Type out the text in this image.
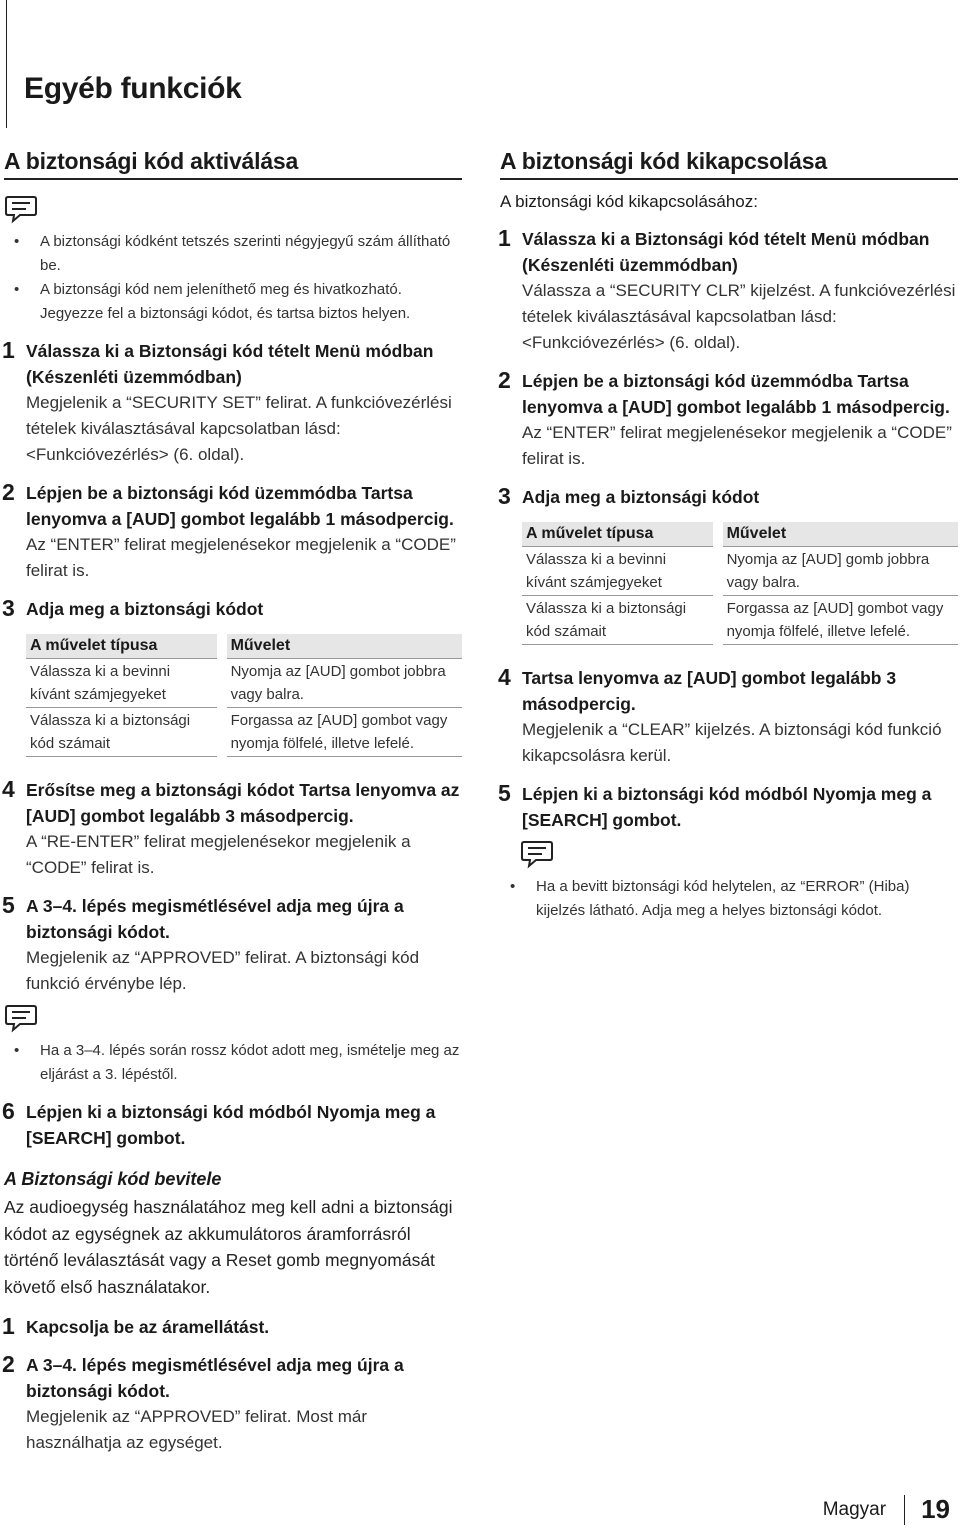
Egyéb funkciók
A biztonsági kód aktiválása
• A biztonsági kódként tetszés szerinti négyjegyű szám állítható be.
• A biztonsági kód nem jeleníthető meg és hivatkozható. Jegyezze fel a biztonsági kódot, és tartsa biztos helyen.
1 Válassza ki a Biztonsági kód tételt Menü módban (Készenléti üzemmódban)
Megjelenik a “SECURITY SET” felirat. A funkcióvezérlési tételek kiválasztásával kapcsolatban lásd: <Funkcióvezérlés> (6. oldal).
2 Lépjen be a biztonsági kód üzemmódba Tartsa lenyomva a [AUD] gombot legalább 1 másodpercig.
Az “ENTER” felirat megjelenésekor megjelenik a “CODE” felirat is.
3 Adja meg a biztonsági kódot
A művelet típusa	Művelet
Válassza ki a bevinni kívánt számjegyeket	Nyomja az [AUD] gombot jobbra vagy balra.
Válassza ki a biztonsági kód számait	Forgassa az [AUD] gombot vagy nyomja fölfelé, illetve lefelé.
4 Erősítse meg a biztonsági kódot Tartsa lenyomva az [AUD] gombot legalább 3 másodpercig.
A “RE-ENTER” felirat megjelenésekor megjelenik a “CODE” felirat is.
5 A 3–4. lépés megismétlésével adja meg újra a biztonsági kódot.
Megjelenik az “APPROVED” felirat. A biztonsági kód funkció érvénybe lép.
• Ha a 3–4. lépés során rossz kódot adott meg, ismételje meg az eljárást a 3. lépéstől.
6 Lépjen ki a biztonsági kód módból Nyomja meg a [SEARCH] gombot.
A Biztonsági kód bevitele

Az audioegység használatához meg kell adni a biztonsági kódot az egységnek az akkumulátoros áramforrásról történő leválasztását vagy a Reset gomb megnyomását követő első használatakor.

1 Kapcsolja be az áramellátást.
2 A 3–4. lépés megismétlésével adja meg újra a biztonsági kódot.
Megjelenik az “APPROVED” felirat. Most már használhatja az egységet.
A biztonsági kód kikapcsolása

A biztonsági kód kikapcsolásához:

1 Válassza ki a Biztonsági kód tételt Menü módban (Készenléti üzemmódban)
Válassza a “SECURITY CLR” kijelzést. A funkcióvezérlési tételek kiválasztásával kapcsolatban lásd: <Funkcióvezérlés> (6. oldal).
2 Lépjen be a biztonsági kód üzemmódba Tartsa lenyomva a [AUD] gombot legalább 1 másodpercig.
Az “ENTER” felirat megjelenésekor megjelenik a “CODE” felirat is.
3 Adja meg a biztonsági kódot
A művelet típusa	Művelet
Válassza ki a bevinni kívánt számjegyeket	Nyomja az [AUD] gomb jobbra vagy balra.
Válassza ki a biztonsági kód számait	Forgassa az [AUD] gombot vagy nyomja fölfelé, illetve lefelé.
4 Tartsa lenyomva az [AUD] gombot legalább 3 másodpercig.
Megjelenik a “CLEAR” kijelzés. A biztonsági kód funkció kikapcsolásra kerül.
5 Lépjen ki a biztonsági kód módból Nyomja meg a [SEARCH] gombot.
• Ha a bevitt biztonsági kód helytelen, az “ERROR” (Hiba) kijelzés látható. Adja meg a helyes biztonsági kódot.
Magyar 19
